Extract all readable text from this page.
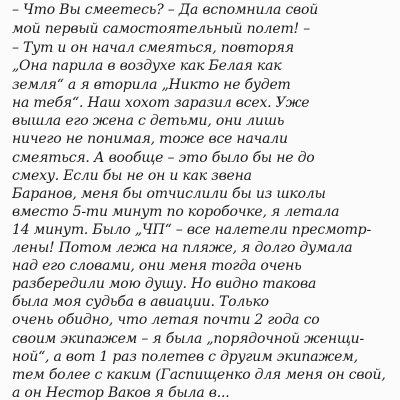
– Что Вы смеетесь? – Да вспомнила свой
мой первый самостоятельный полет! –
– Тут и он начал смеяться, повторяя
„Она парила в воздухе как Белая как
земля“ а я вторила „Никто не будет
на тебя“. Наш хохот заразил всех. Уже
вышла его жена с детьми, они лишь
ничего не понимая, тоже все начали
смеяться. А вообще – это было бы не до
смеху. Если бы не он и как звена
Баранов, меня бы отчислили бы из школы
вместо 5-ти минут по коробочке, я летала
14 минут. Было „ЧП“ – все налетели пресмотр-
лены! Потом лежа на пляже, я долго думала
над его словами, они меня тогда очень
разбередили мою душу. Но видно такова
была моя судьба в авиации. Только
очень обидно, что летая почти 2 года со
своим экипажем – я была „порядочной женщи-
ной“, а вот 1 раз полетев с другим экипажем,
тем более с каким (Гаспищенко для меня он свой,
а он Нестор Ваков я была в...
